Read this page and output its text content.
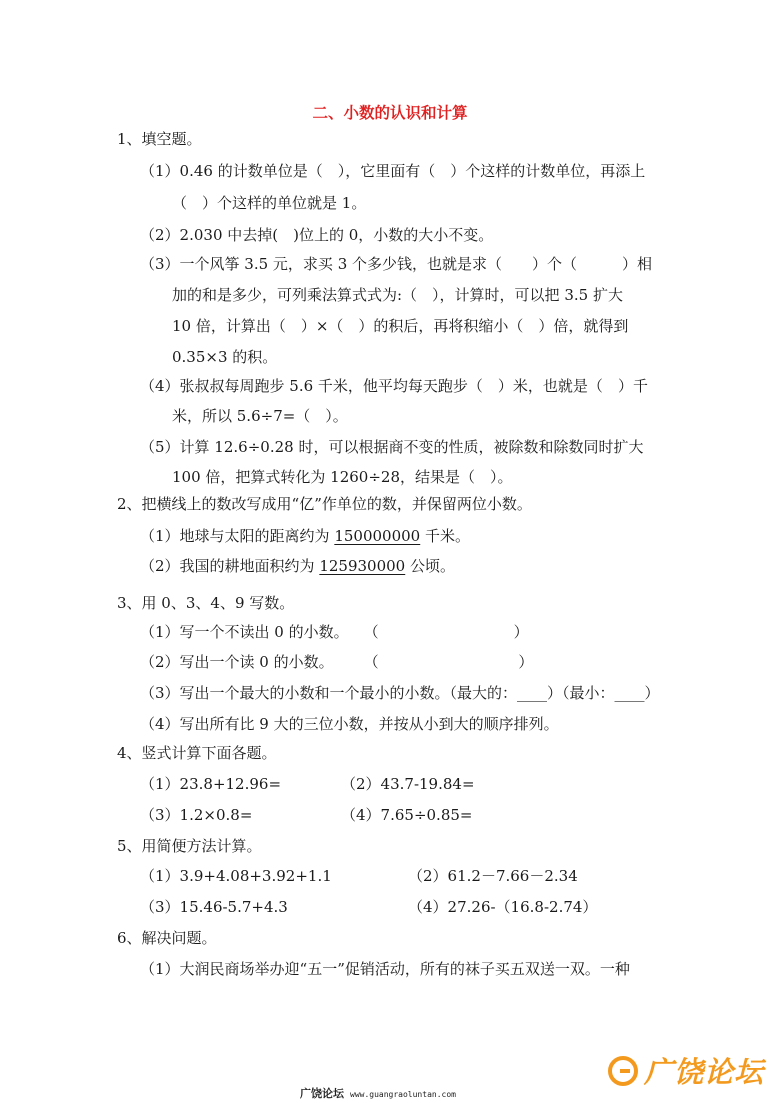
二、小数的认识和计算
1、填空题。
（1）0.46 的计数单位是（　），它里面有（　）个这样的计数单位，再添上
（　）个这样的单位就是 1。
（2）2.030 中去掉(　)位上的 0，小数的大小不变。
（3）一个风筝 3.5 元，求买 3 个多少钱，也就是求（　　）个（　　　）相
加的和是多少，可列乘法算式式为:（　），计算时，可以把 3.5 扩大
10 倍，计算出（　）×（　）的积后，再将积缩小（　）倍，就得到
0.35×3 的积。
（4）张叔叔每周跑步 5.6 千米，他平均每天跑步（　）米，也就是（　）千
米，所以 5.6÷7=（　）。
（5）计算 12.6÷0.28 时，可以根据商不变的性质，被除数和除数同时扩大
100 倍，把算式转化为 1260÷28，结果是（　）。
2、把横线上的数改写成用“亿”作单位的数，并保留两位小数。
（1）地球与太阳的距离约为 150000000 千米。
（2）我国的耕地面积约为 125930000 公顷。
3、用 0、3、4、9 写数。
（1）写一个不读出 0 的小数。　　（　　　　　　　　　）
（2）写出一个读 0 的小数。　　　（　　　　　　　　　 ）
（3）写出一个最大的小数和一个最小的小数。（最大的：____）（最小：____）
（4）写出所有比 9 大的三位小数，并按从小到大的顺序排列。
4、竖式计算下面各题。
（1）23.8+12.96=	（2）43.7-19.84=
（3）1.2×0.8=	（4）7.65÷0.85=
5、用简便方法计算。
（1）3.9+4.08+3.92+1.1	（2）61.2－7.66－2.34
（3）15.46-5.7+4.3	（4）27.26-（16.8-2.74）
6、解决问题。
（1）大润民商场举办迎“五一”促销活动，所有的袜子买五双送一双。一种
广饶论坛
广饶论坛 www.guangraoluntan.com
